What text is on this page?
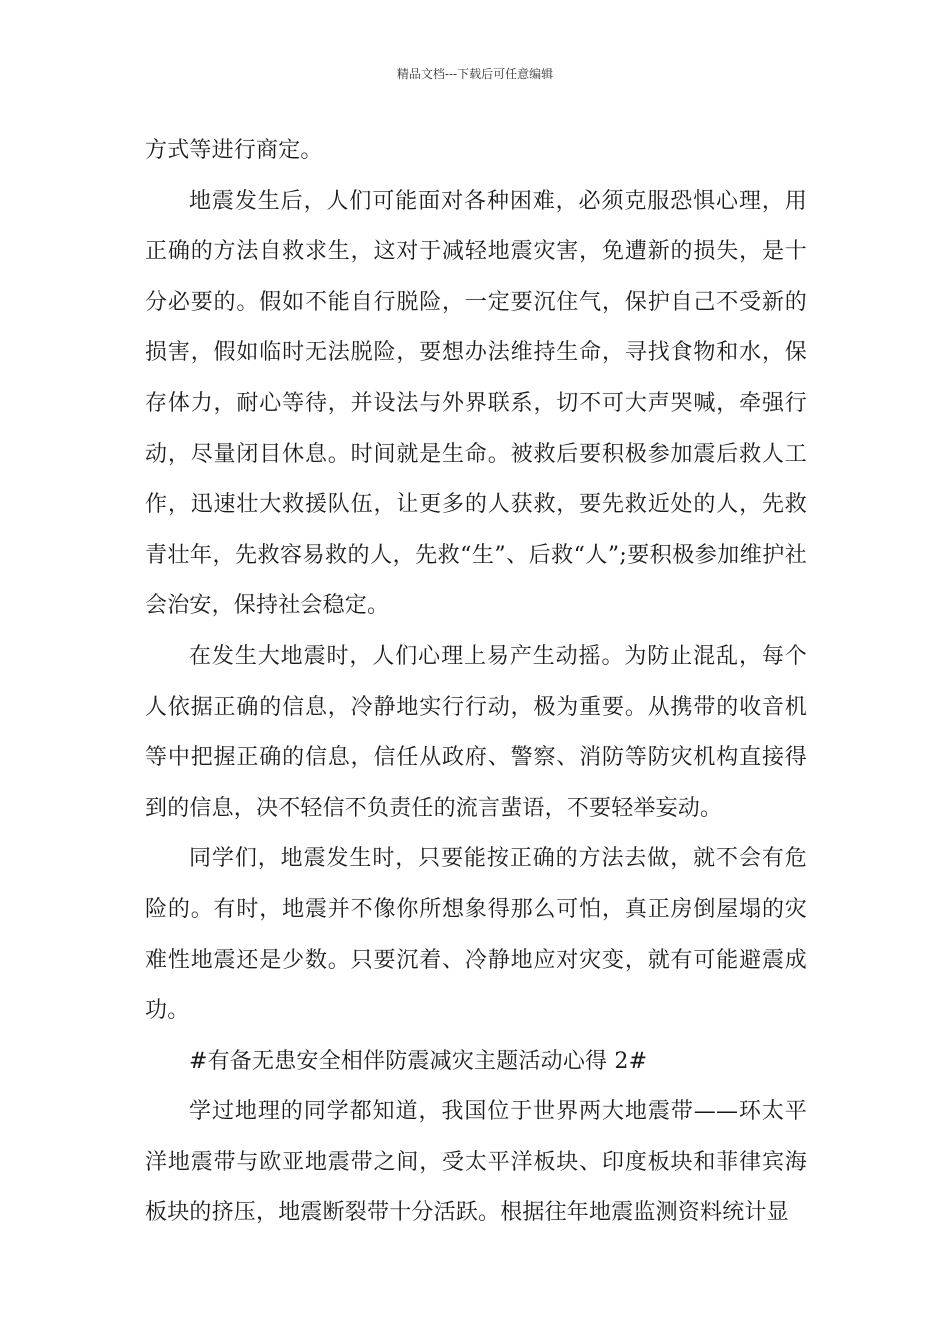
精品文档---下载后可任意编辑

方式等进行商定。

地震发生后，人们可能面对各种困难，必须克服恐惧心理，用正确的方法自救求生，这对于减轻地震灾害，免遭新的损失，是十分必要的。假如不能自行脱险，一定要沉住气，保护自己不受新的损害，假如临时无法脱险，要想办法维持生命，寻找食物和水，保存体力，耐心等待，并设法与外界联系，切不可大声哭喊，牵强行动，尽量闭目休息。时间就是生命。被救后要积极参加震后救人工作，迅速壮大救援队伍，让更多的人获救，要先救近处的人，先救青壮年，先救容易救的人，先救“生”、后救“人”;要积极参加维护社会治安，保持社会稳定。

在发生大地震时，人们心理上易产生动摇。为防止混乱，每个人依据正确的信息，冷静地实行行动，极为重要。从携带的收音机等中把握正确的信息，信任从政府、警察、消防等防灾机构直接得到的信息，决不轻信不负责任的流言蜚语，不要轻举妄动。

同学们，地震发生时，只要能按正确的方法去做，就不会有危险的。有时，地震并不像你所想象得那么可怕，真正房倒屋塌的灾难性地震还是少数。只要沉着、冷静地应对灾变，就有可能避震成功。

#有备无患安全相伴防震减灾主题活动心得 2#

学过地理的同学都知道，我国位于世界两大地震带——环太平洋地震带与欧亚地震带之间，受太平洋板块、印度板块和菲律宾海板块的挤压，地震断裂带十分活跃。根据往年地震监测资料统计显
